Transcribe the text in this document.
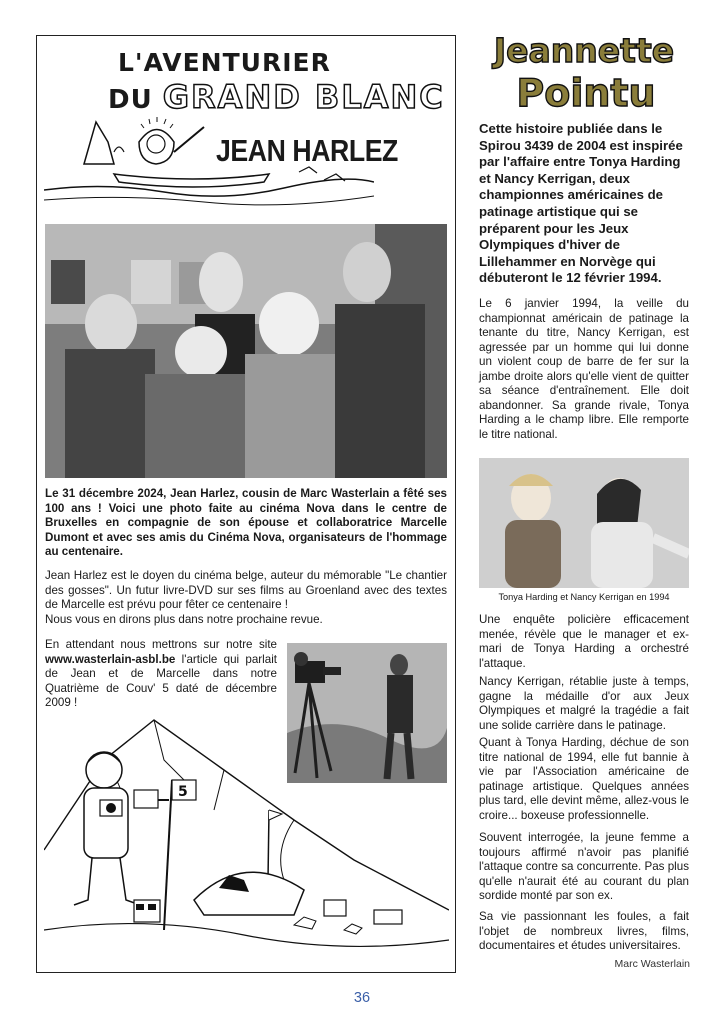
L'AVENTURIER
DU GRAND BLANC
JEAN HARLEZ
Le 31 décembre 2024, Jean Harlez, cousin de Marc Wasterlain a fêté ses 100 ans ! Voici une photo faite au cinéma Nova dans le centre de Bruxelles en compagnie de son épouse et collaboratrice Marcelle Dumont et avec ses amis du Cinéma Nova, organisateurs de l'hommage au centenaire.
Jean Harlez est le doyen du cinéma belge, auteur du mémorable "Le chantier des gosses". Un futur livre-DVD sur ses films au Groenland avec des textes de Marcelle est prévu pour fêter ce centenaire !
Nous vous en dirons plus dans notre prochaine revue.
En attendant nous mettrons sur notre site www.wasterlain-asbl.be l'article qui parlait de Jean et de Marcelle dans notre Quatrième de Couv' 5 daté de décembre 2009 !
5
Jeannette
Pointu
Cette histoire publiée dans le Spirou 3439 de 2004 est inspirée par l'affaire entre Tonya Harding et Nancy Kerrigan, deux championnes américaines de patinage artistique qui se préparent pour les Jeux Olympiques d'hiver de Lillehammer en Norvège qui débuteront le 12 février 1994.
Le 6 janvier 1994, la veille du championnat américain de patinage la tenante du titre, Nancy Kerrigan, est agressée par un homme qui lui donne un violent coup de barre de fer sur la jambe droite alors qu'elle vient de quitter sa séance d'entraînement. Elle doit abandonner. Sa grande rivale, Tonya Harding a le champ libre. Elle remporte le titre national.
Tonya Harding et Nancy Kerrigan en 1994
Une enquête policière efficacement menée, révèle que le manager et ex-mari de Tonya Harding a orchestré l'attaque.
Nancy Kerrigan, rétablie juste à temps, gagne la médaille d'or aux Jeux Olympiques et malgré la tragédie a fait une solide carrière dans le patinage.
Quant à Tonya Harding, déchue de son titre national de 1994, elle fut bannie à vie par l'Association américaine de patinage artistique. Quelques années plus tard, elle devint même, allez-vous le croire... boxeuse professionnelle.
Souvent interrogée, la jeune femme a toujours affirmé n'avoir pas planifié l'attaque contre sa concurrente. Pas plus qu'elle n'aurait été au courant du plan sordide monté par son ex.
Sa vie passionnant les foules, a fait l'objet de nombreux livres, films, documentaires et études universitaires.
Marc Wasterlain
36
